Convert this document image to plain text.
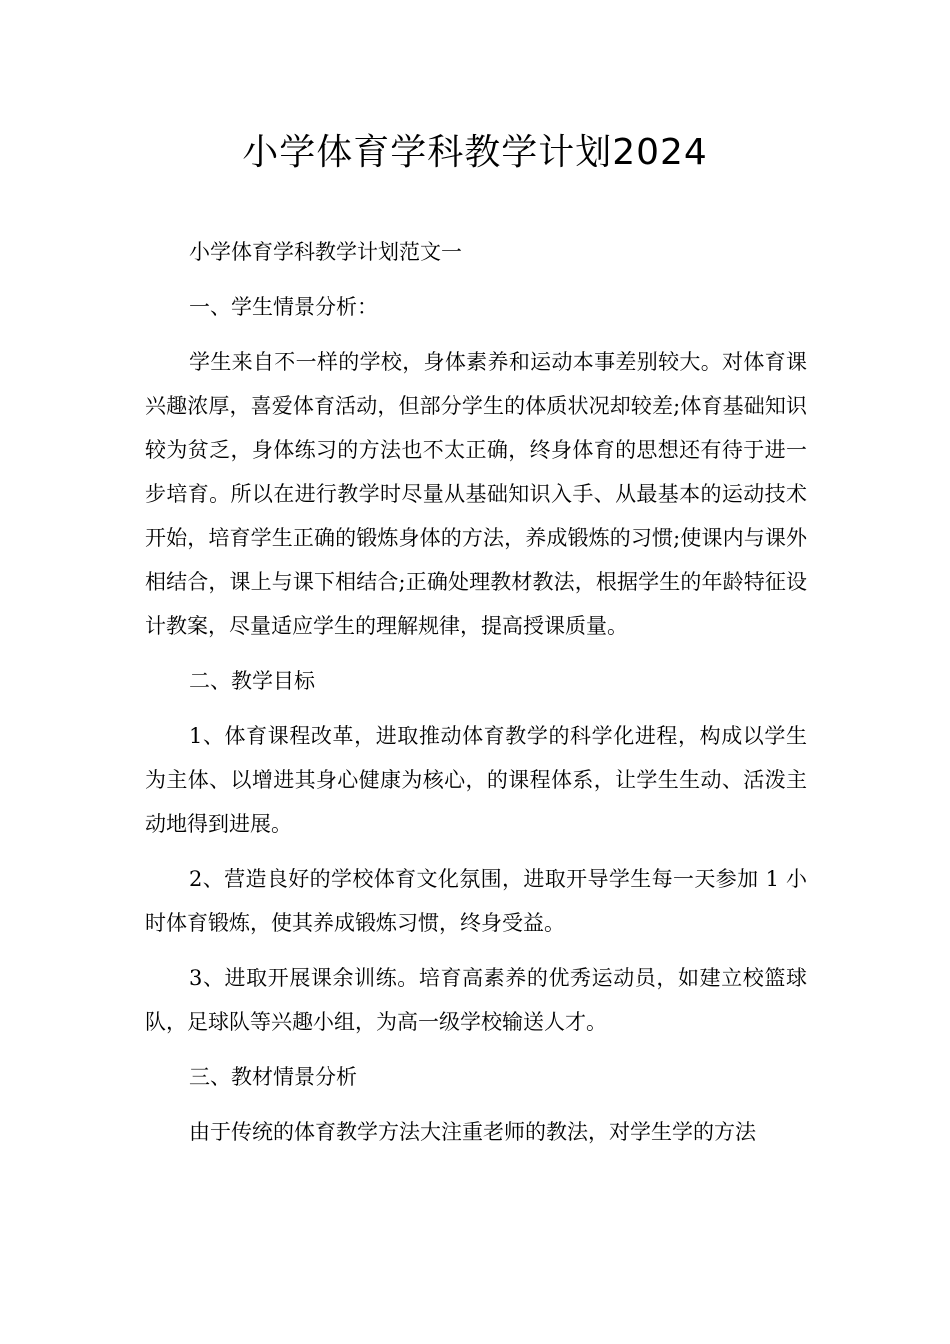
小学体育学科教学计划2024

小学体育学科教学计划范文一

一、学生情景分析：

学生来自不一样的学校，身体素养和运动本事差别较大。对体育课兴趣浓厚，喜爱体育活动，但部分学生的体质状况却较差;体育基础知识较为贫乏，身体练习的方法也不太正确，终身体育的思想还有待于进一步培育。所以在进行教学时尽量从基础知识入手、从最基本的运动技术开始，培育学生正确的锻炼身体的方法，养成锻炼的习惯;使课内与课外相结合，课上与课下相结合;正确处理教材教法，根据学生的年龄特征设计教案，尽量适应学生的理解规律，提高授课质量。

二、教学目标

1、体育课程改革，进取推动体育教学的科学化进程，构成以学生为主体、以增进其身心健康为核心，的课程体系，让学生生动、活泼主动地得到进展。

2、营造良好的学校体育文化氛围，进取开导学生每一天参加 1 小时体育锻炼，使其养成锻炼习惯，终身受益。

3、进取开展课余训练。培育高素养的优秀运动员，如建立校篮球队，足球队等兴趣小组，为高一级学校输送人才。

三、教材情景分析

由于传统的体育教学方法大注重老师的教法，对学生学的方法
